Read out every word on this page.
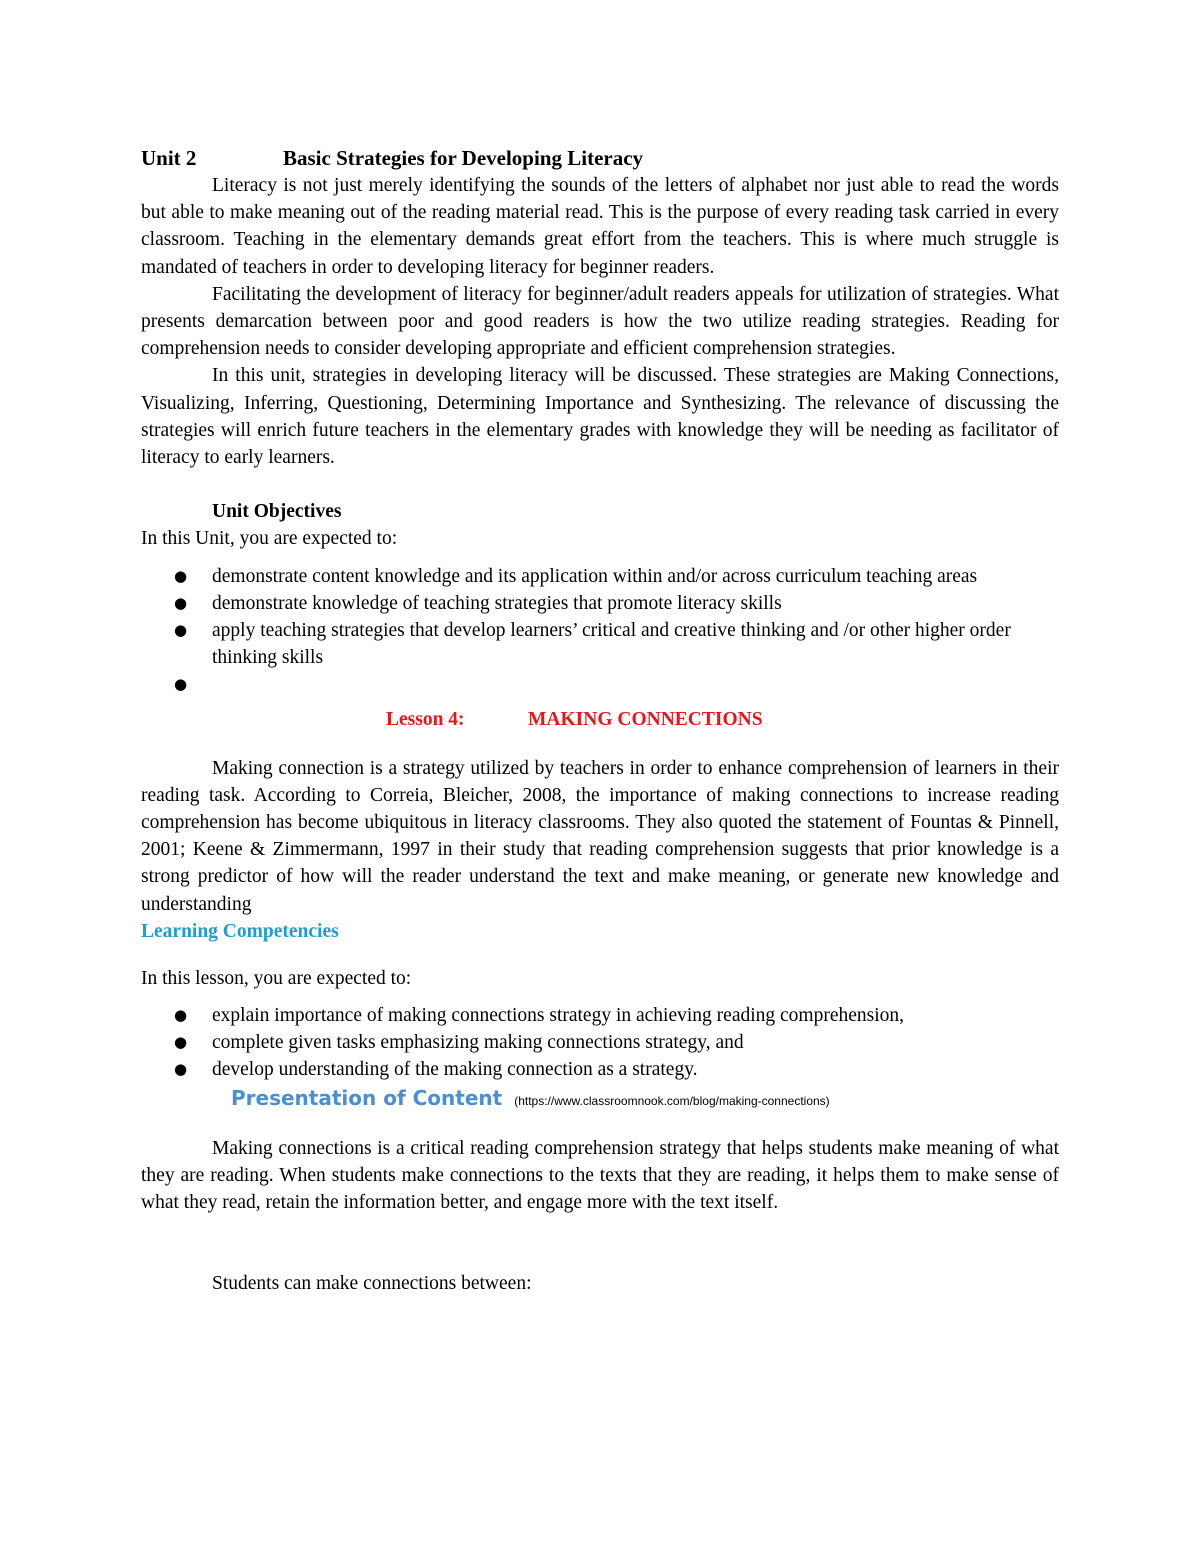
Unit 2	Basic Strategies for Developing Literacy

Literacy is not just merely identifying the sounds of the letters of alphabet nor just able to read the words but able to make meaning out of the reading material read. This is the purpose of every reading task carried in every classroom. Teaching in the elementary demands great effort from the teachers. This is where much struggle is mandated of teachers in order to developing literacy for beginner readers.

Facilitating the development of literacy for beginner/adult readers appeals for utilization of strategies. What presents demarcation between poor and good readers is how the two utilize reading strategies. Reading for comprehension needs to consider developing appropriate and efficient comprehension strategies.

In this unit, strategies in developing literacy will be discussed. These strategies are Making Connections, Visualizing, Inferring, Questioning, Determining Importance and Synthesizing. The relevance of discussing the strategies will enrich future teachers in the elementary grades with knowledge they will be needing as facilitator of literacy to early learners.

Unit Objectives

In this Unit, you are expected to:

● demonstrate content knowledge and its application within and/or across curriculum teaching areas
● demonstrate knowledge of teaching strategies that promote literacy skills
● apply teaching strategies that develop learners’ critical and creative thinking and /or other higher order thinking skills
●

Lesson 4:	MAKING CONNECTIONS

Making connection is a strategy utilized by teachers in order to enhance comprehension of learners in their reading task. According to Correia, Bleicher, 2008, the importance of making connections to increase reading comprehension has become ubiquitous in literacy classrooms. They also quoted the statement of Fountas & Pinnell, 2001; Keene & Zimmermann, 1997 in their study that reading comprehension suggests that prior knowledge is a strong predictor of how will the reader understand the text and make meaning, or generate new knowledge and understanding

Learning Competencies

In this lesson, you are expected to:

● explain importance of making connections strategy in achieving reading comprehension,
● complete given tasks emphasizing making connections strategy, and
● develop understanding of the making connection as a strategy.

Presentation of Content (https://www.classroomnook.com/blog/making-connections)

Making connections is a critical reading comprehension strategy that helps students make meaning of what they are reading. When students make connections to the texts that they are reading, it helps them to make sense of what they read, retain the information better, and engage more with the text itself.

Students can make connections between:
